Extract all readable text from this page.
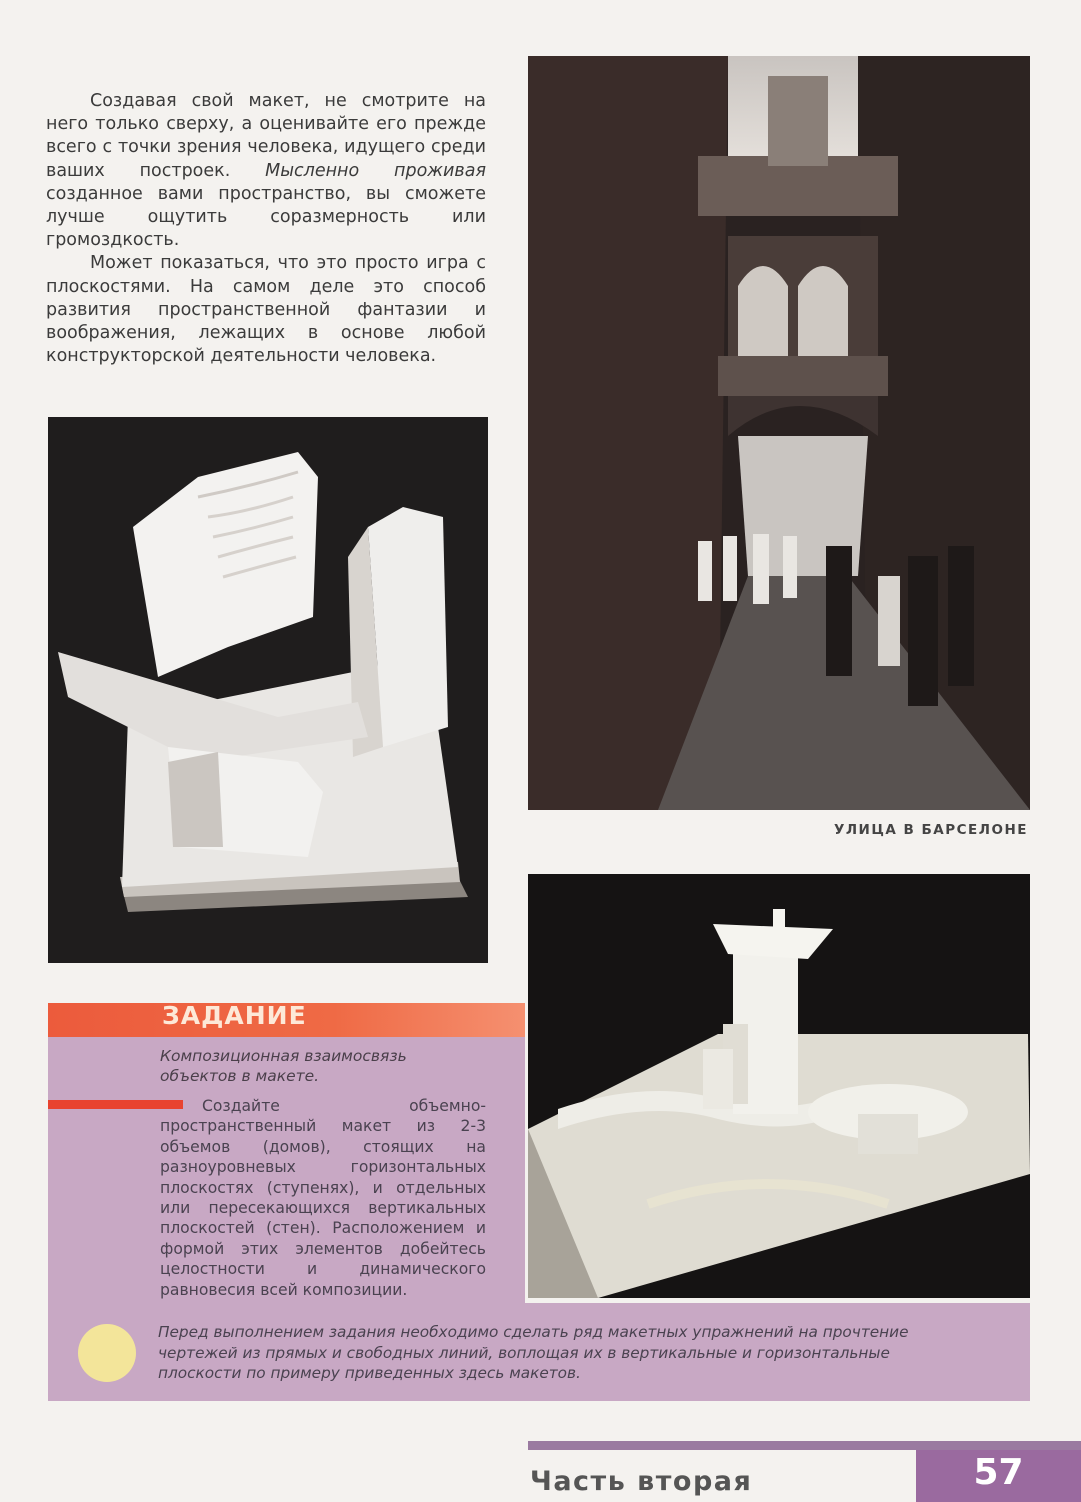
Создавая свой макет, не смотрите на него только сверху, а оценивайте его прежде всего с точки зрения человека, идущего среди ваших построек. Мысленно проживая созданное вами пространство, вы сможете лучше ощутить соразмерность или громоздкость.

Может показаться, что это просто игра с плоскостями. На самом деле это способ развития пространственной фантазии и воображения, лежащих в основе любой конструкторской деятельности человека.

УЛИЦА В БАРСЕЛОНЕ
ЗАДАНИЕ

Композиционная взаимосвязь объектов в макете.

Создайте объемно-пространственный макет из 2-3 объемов (домов), стоящих на разноуровневых горизонтальных плоскостях (ступенях), и отдельных или пересекающихся вертикальных плоскостей (стен). Расположением и формой этих элементов добейтесь целостности и динамического равновесия всей композиции.

Перед выполнением задания необходимо сделать ряд макетных упражнений на прочтение чертежей из прямых и свободных линий, воплощая их в вертикальные и горизонтальные плоскости по примеру приведенных здесь макетов.

Часть вторая	57
